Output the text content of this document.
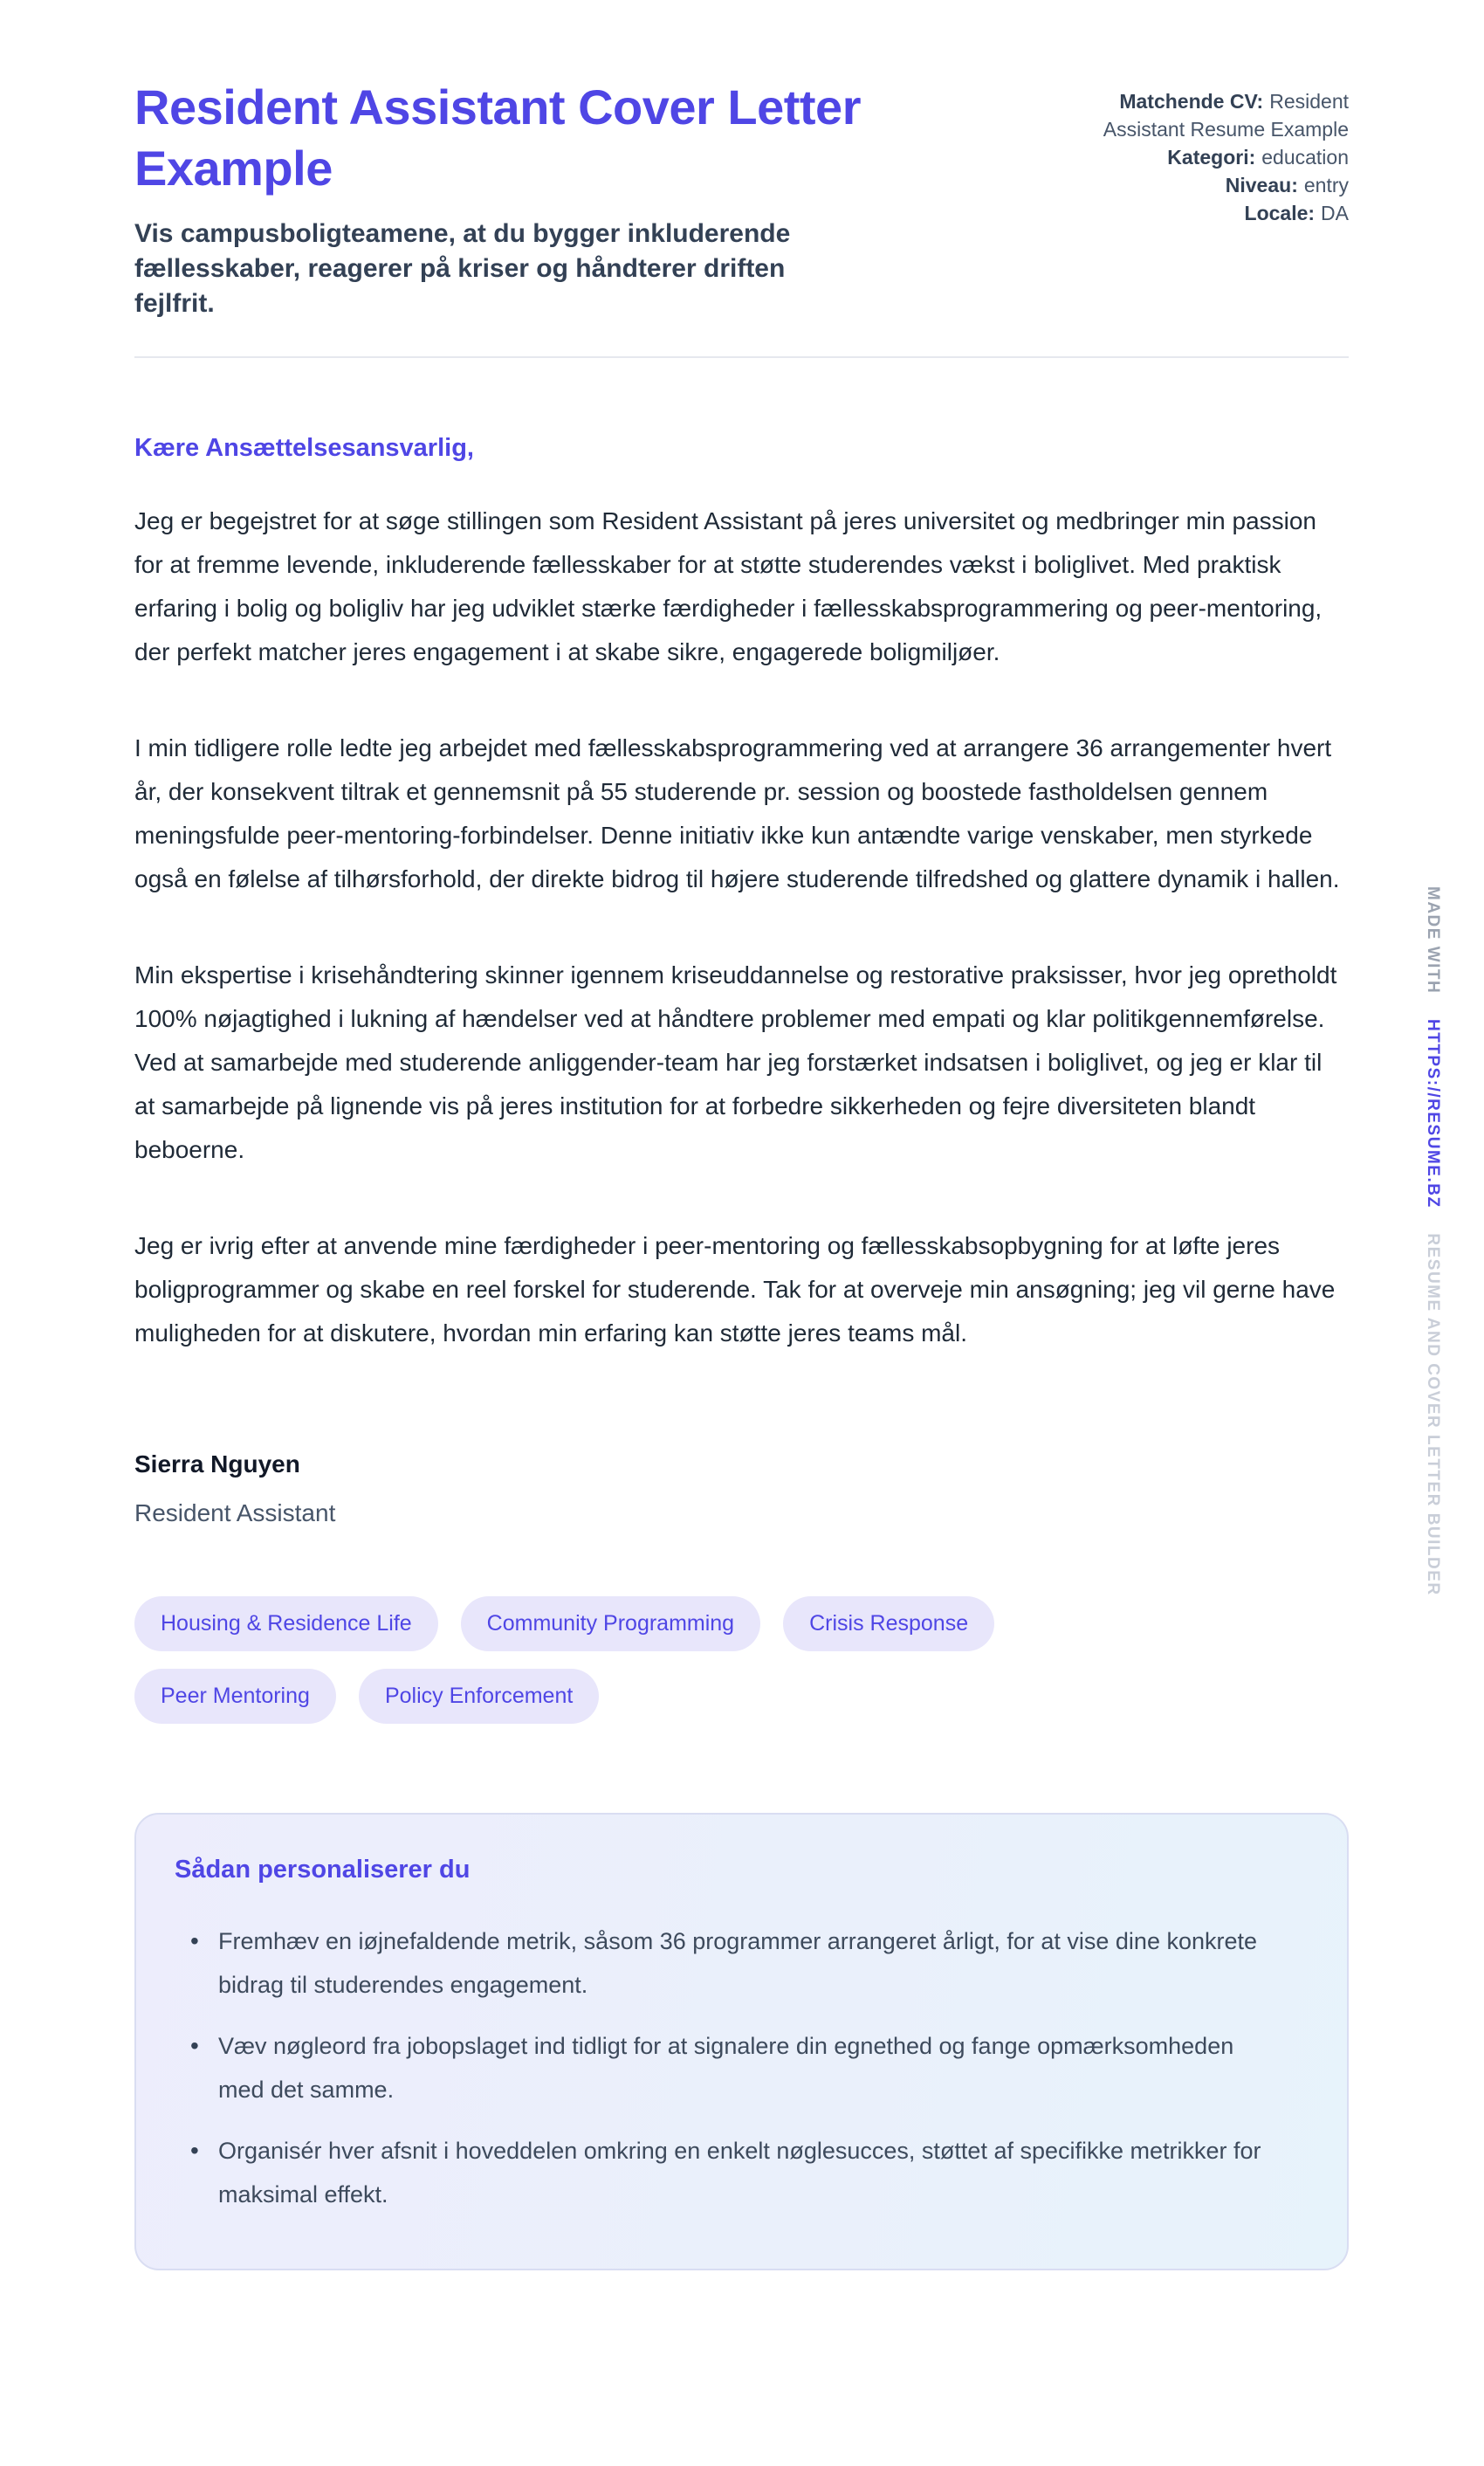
Resident Assistant Cover Letter Example
Vis campusboligteamene, at du bygger inkluderende fællesskaber, reagerer på kriser og håndterer driften fejlfrit.
Matchende CV: Resident Assistant Resume Example
Kategori: education
Niveau: entry
Locale: DA
Kære Ansættelsesansvarlig,

Jeg er begejstret for at søge stillingen som Resident Assistant på jeres universitet og medbringer min passion for at fremme levende, inkluderende fællesskaber for at støtte studerendes vækst i boliglivet. Med praktisk erfaring i bolig og boligliv har jeg udviklet stærke færdigheder i fællesskabsprogrammering og peer-mentoring, der perfekt matcher jeres engagement i at skabe sikre, engagerede boligmiljøer.

I min tidligere rolle ledte jeg arbejdet med fællesskabsprogrammering ved at arrangere 36 arrangementer hvert år, der konsekvent tiltrak et gennemsnit på 55 studerende pr. session og boostede fastholdelsen gennem meningsfulde peer-mentoring-forbindelser. Denne initiativ ikke kun antændte varige venskaber, men styrkede også en følelse af tilhørsforhold, der direkte bidrog til højere studerende tilfredshed og glattere dynamik i hallen.

Min ekspertise i krisehåndtering skinner igennem kriseuddannelse og restorative praksisser, hvor jeg opretholdt 100% nøjagtighed i lukning af hændelser ved at håndtere problemer med empati og klar politikgennemførelse. Ved at samarbejde med studerende anliggender-team har jeg forstærket indsatsen i boliglivet, og jeg er klar til at samarbejde på lignende vis på jeres institution for at forbedre sikkerheden og fejre diversiteten blandt beboerne.

Jeg er ivrig efter at anvende mine færdigheder i peer-mentoring og fællesskabsopbygning for at løfte jeres boligprogrammer og skabe en reel forskel for studerende. Tak for at overveje min ansøgning; jeg vil gerne have muligheden for at diskutere, hvordan min erfaring kan støtte jeres teams mål.

Sierra Nguyen
Resident Assistant
Housing & Residence Life	Community Programming	Crisis Response
Peer Mentoring	Policy Enforcement
Sådan personaliserer du
• Fremhæv en iøjnefaldende metrik, såsom 36 programmer arrangeret årligt, for at vise dine konkrete bidrag til studerendes engagement.
• Væv nøgleord fra jobopslaget ind tidligt for at signalere din egnethed og fange opmærksomheden med det samme.
• Organisér hver afsnit i hoveddelen omkring en enkelt nøglesucces, støttet af specifikke metrikker for maksimal effekt.
MADE WITH HTTPS://RESUME.BZ RESUME AND COVER LETTER BUILDER
